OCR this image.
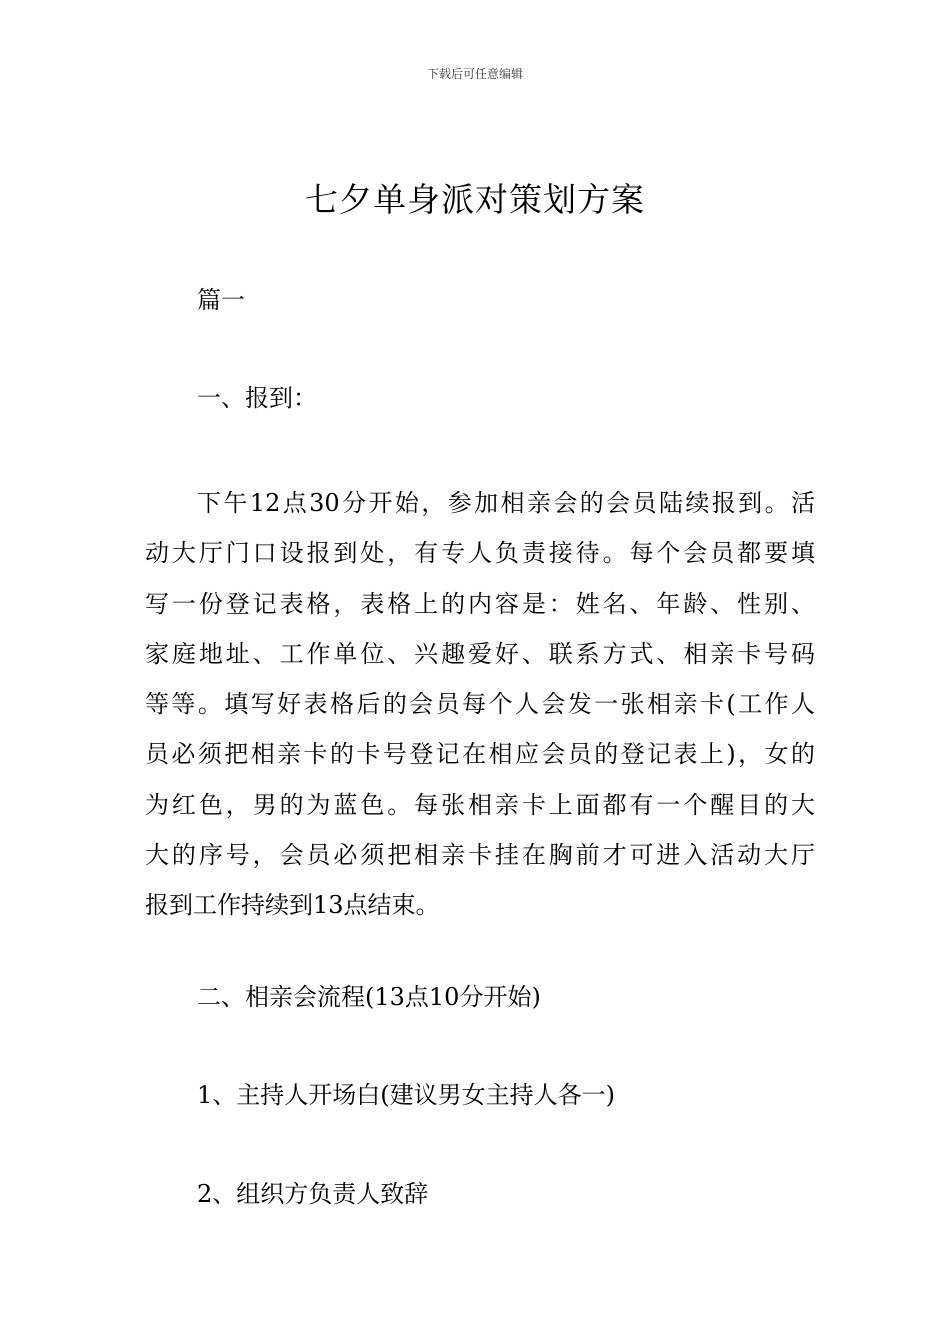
下载后可任意编辑
七夕单身派对策划方案

篇一

一、报到：

下午12点30分开始，参加相亲会的会员陆续报到。活
动大厅门口设报到处，有专人负责接待。每个会员都要填
写一份登记表格，表格上的内容是：姓名、年龄、性别、
家庭地址、工作单位、兴趣爱好、联系方式、相亲卡号码
等等。填写好表格后的会员每个人会发一张相亲卡(工作人
员必须把相亲卡的卡号登记在相应会员的登记表上)，女的
为红色，男的为蓝色。每张相亲卡上面都有一个醒目的大
大的序号，会员必须把相亲卡挂在胸前才可进入活动大厅
报到工作持续到13点结束。

二、相亲会流程(13点10分开始)

1、主持人开场白(建议男女主持人各一)

2、组织方负责人致辞
